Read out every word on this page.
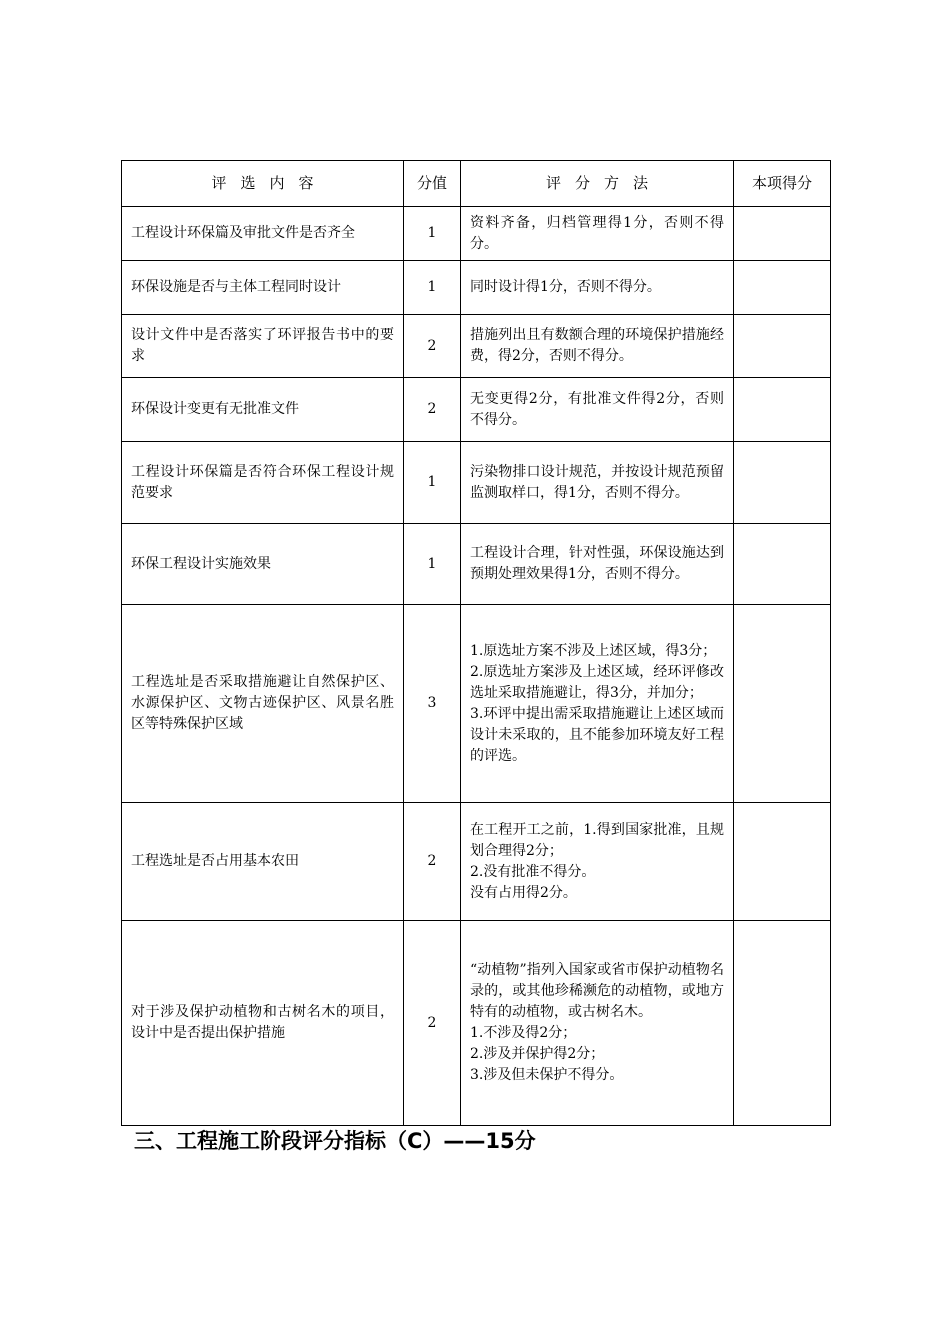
评选内容	分值	评分方法	本项得分
工程设计环保篇及审批文件是否齐全	1	资料齐备，归档管理得1分，否则不得分。	

环保设施是否与主体工程同时设计	1	同时设计得1分，否则不得分。	

设计文件中是否落实了环评报告书中的要求	2	措施列出且有数额合理的环境保护措施经费，得2分，否则不得分。	

环保设计变更有无批准文件	2	无变更得2分，有批准文件得2分，否则不得分。	

工程设计环保篇是否符合环保工程设计规范要求	1	污染物排口设计规范，并按设计规范预留监测取样口，得1分，否则不得分。	

环保工程设计实施效果	1	工程设计合理，针对性强，环保设施达到预期处理效果得1分，否则不得分。	

工程选址是否采取措施避让自然保护区、水源保护区、文物古迹保护区、风景名胜区等特殊保护区域	3	1.原选址方案不涉及上述区域，得3分；
2.原选址方案涉及上述区域，经环评修改选址采取措施避让，得3分，并加分；
3.环评中提出需采取措施避让上述区域而设计未采取的，且不能参加环境友好工程的评选。	

工程选址是否占用基本农田	2	在工程开工之前，1.得到国家批准，且规划合理得2分；
2.没有批准不得分。
没有占用得2分。	

对于涉及保护动植物和古树名木的项目，设计中是否提出保护措施	2	“动植物”指列入国家或省市保护动植物名录的，或其他珍稀濒危的动植物，或地方特有的动植物，或古树名木。
1.不涉及得2分；
2.涉及并保护得2分；
3.涉及但未保护不得分。	

三、工程施工阶段评分指标（C）——15分
